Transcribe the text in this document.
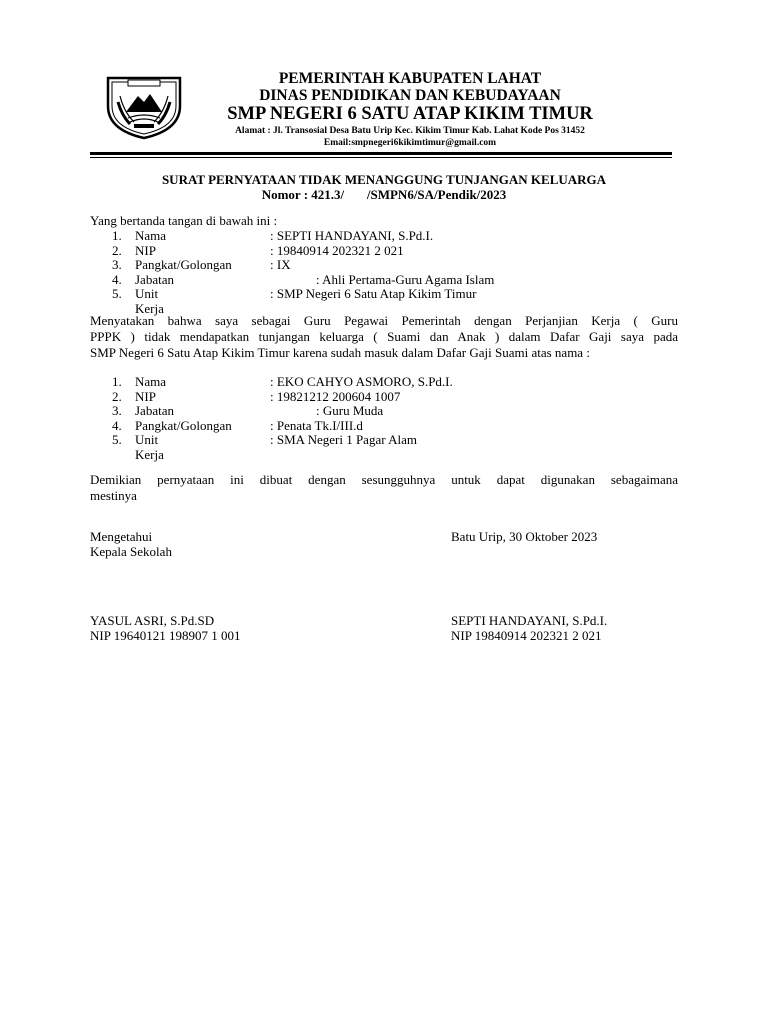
PEMERINTAH KABUPATEN LAHAT
DINAS PENDIDIKAN DAN KEBUDAYAAN
SMP NEGERI 6 SATU ATAP KIKIM TIMUR
Alamat : Jl. Transosial Desa Batu Urip Kec. Kikim Timur Kab. Lahat Kode Pos 31452
Email:smpnegeri6kikimtimur@gmail.com
SURAT PERNYATAAN TIDAK MENANGGUNG TUNJANGAN KELUARGA
Nomor : 421.3/       /SMPN6/SA/Pendik/2023
Yang bertanda tangan di bawah ini :
1. Nama	: SEPTI HANDAYANI, S.Pd.I.
2. NIP	: 19840914 202321 2 021
3. Pangkat/Golongan	: IX
4. Jabatan	: Ahli Pertama-Guru Agama Islam
5. Unit Kerja
: SMP Negeri 6 Satu Atap Kikim Timur
Menyatakan bahwa saya sebagai Guru Pegawai Pemerintah dengan Perjanjian Kerja ( Guru
PPPK ) tidak mendapatkan tunjangan keluarga ( Suami dan Anak ) dalam Dafar Gaji saya pada
SMP Negeri 6 Satu Atap Kikim Timur karena sudah masuk dalam Dafar Gaji Suami atas nama :
1. Nama	: EKO CAHYO ASMORO, S.Pd.I.
2. NIP	: 19821212 200604 1007
3. Jabatan	: Guru Muda
4. Pangkat/Golongan	: Penata Tk.I/III.d
5. Unit Kerja
: SMA Negeri 1 Pagar Alam
Demikian pernyataan ini dibuat dengan sesungguhnya untuk dapat digunakan sebagaimana
mestinya
Mengetahui
Kepala Sekolah
Batu Urip, 30 Oktober 2023
YASUL ASRI, S.Pd.SD
NIP 19640121 198907 1 001
SEPTI HANDAYANI, S.Pd.I.
NIP 19840914 202321 2 021
